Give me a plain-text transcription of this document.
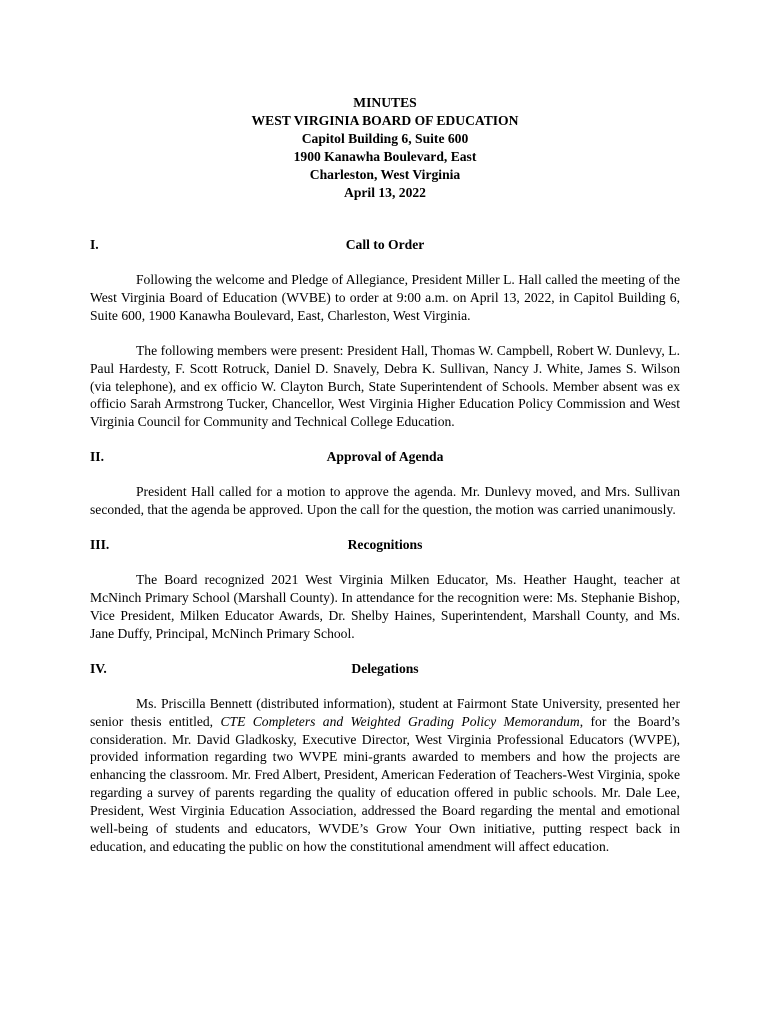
MINUTES
WEST VIRGINIA BOARD OF EDUCATION
Capitol Building 6, Suite 600
1900 Kanawha Boulevard, East
Charleston, West Virginia
April 13, 2022
I.	Call to Order

Following the welcome and Pledge of Allegiance, President Miller L. Hall called the meeting of the West Virginia Board of Education (WVBE) to order at 9:00 a.m. on April 13, 2022, in Capitol Building 6, Suite 600, 1900 Kanawha Boulevard, East, Charleston, West Virginia.

The following members were present: President Hall, Thomas W. Campbell, Robert W. Dunlevy, L. Paul Hardesty, F. Scott Rotruck, Daniel D. Snavely, Debra K. Sullivan, Nancy J. White, James S. Wilson (via telephone), and ex officio W. Clayton Burch, State Superintendent of Schools. Member absent was ex officio Sarah Armstrong Tucker, Chancellor, West Virginia Higher Education Policy Commission and West Virginia Council for Community and Technical College Education.

II.	Approval of Agenda

President Hall called for a motion to approve the agenda. Mr. Dunlevy moved, and Mrs. Sullivan seconded, that the agenda be approved. Upon the call for the question, the motion was carried unanimously.

III.	Recognitions

The Board recognized 2021 West Virginia Milken Educator, Ms. Heather Haught, teacher at McNinch Primary School (Marshall County). In attendance for the recognition were: Ms. Stephanie Bishop, Vice President, Milken Educator Awards, Dr. Shelby Haines, Superintendent, Marshall County, and Ms. Jane Duffy, Principal, McNinch Primary School.

IV.	Delegations

Ms. Priscilla Bennett (distributed information), student at Fairmont State University, presented her senior thesis entitled, CTE Completers and Weighted Grading Policy Memorandum, for the Board’s consideration. Mr. David Gladkosky, Executive Director, West Virginia Professional Educators (WVPE), provided information regarding two WVPE mini-grants awarded to members and how the projects are enhancing the classroom. Mr. Fred Albert, President, American Federation of Teachers-West Virginia, spoke regarding a survey of parents regarding the quality of education offered in public schools. Mr. Dale Lee, President, West Virginia Education Association, addressed the Board regarding the mental and emotional well-being of students and educators, WVDE’s Grow Your Own initiative, putting respect back in education, and educating the public on how the constitutional amendment will affect education.
